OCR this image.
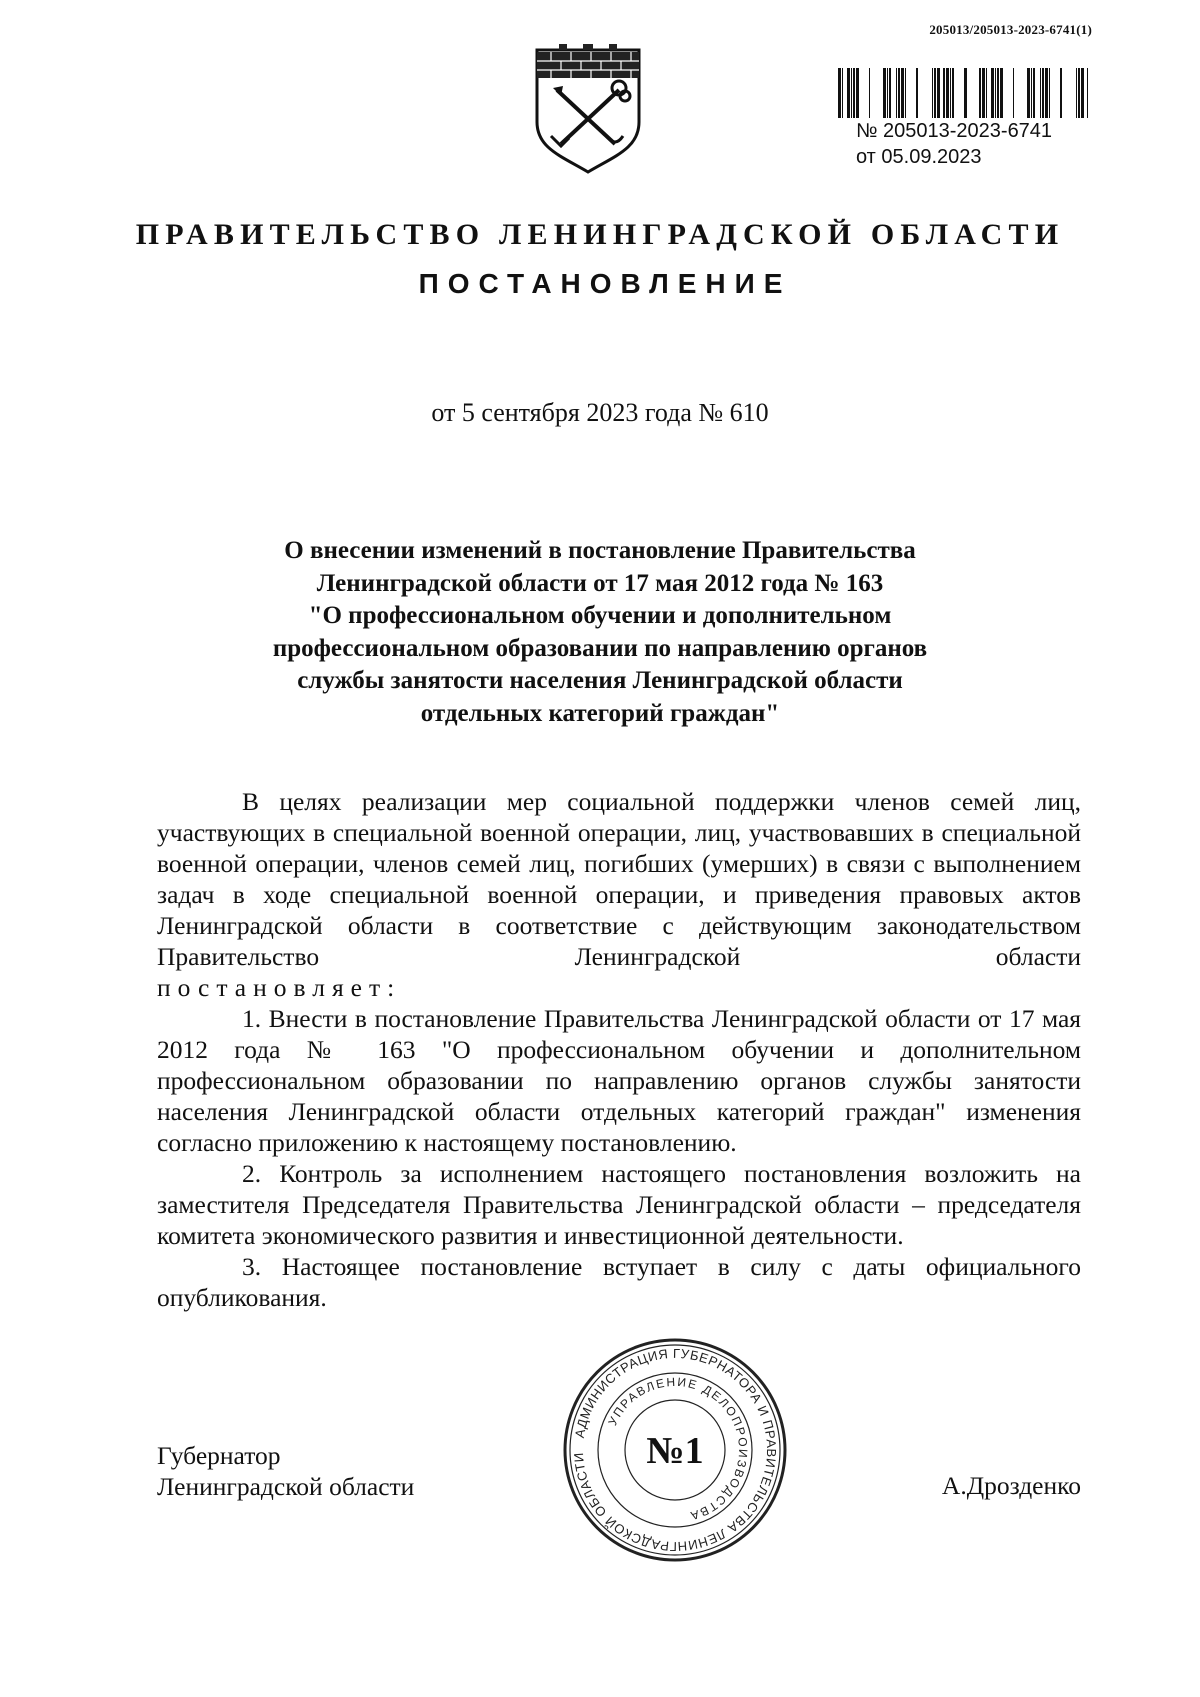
205013/205013-2023-6741(1)
№ 205013-2023-6741
от 05.09.2023
ПРАВИТЕЛЬСТВО ЛЕНИНГРАДСКОЙ ОБЛАСТИ
ПОСТАНОВЛЕНИЕ
от 5 сентября 2023 года № 610
О внесении изменений в постановление Правительства
Ленинградской области от 17 мая 2012 года № 163
"О профессиональном обучении и дополнительном
профессиональном образовании по направлению органов
службы занятости населения Ленинградской области
отдельных категорий граждан"

В целях реализации мер социальной поддержки членов семей лиц, участвующих в специальной военной операции, лиц, участвовавших в специальной военной операции, членов семей лиц, погибших (умерших) в связи с выполнением задач в ходе специальной военной операции, и приведения правовых актов Ленинградской области в соответствие с действующим законодательством Правительство Ленинградской области

постановляет:

1. Внести в постановление Правительства Ленинградской области от 17 мая 2012 года № 163 "О профессиональном обучении и дополнительном профессиональном образовании по направлению органов службы занятости населения Ленинградской области отдельных категорий граждан" изменения согласно приложению к настоящему постановлению.

2. Контроль за исполнением настоящего постановления возложить на заместителя Председателя Правительства Ленинградской области – председателя комитета экономического развития и инвестиционной деятельности.

3. Настоящее постановление вступает в силу с даты официального опубликования.

Губернатор
Ленинградской области	А.Дрозденко
АДМИНИСТРАЦИЯ ГУБЕРНАТОРА И ПРАВИТЕЛЬСТВА ЛЕНИНГРАДСКОЙ ОБЛАСТИ
УПРАВЛЕНИЕ ДЕЛОПРОИЗВОДСТВА
№1
